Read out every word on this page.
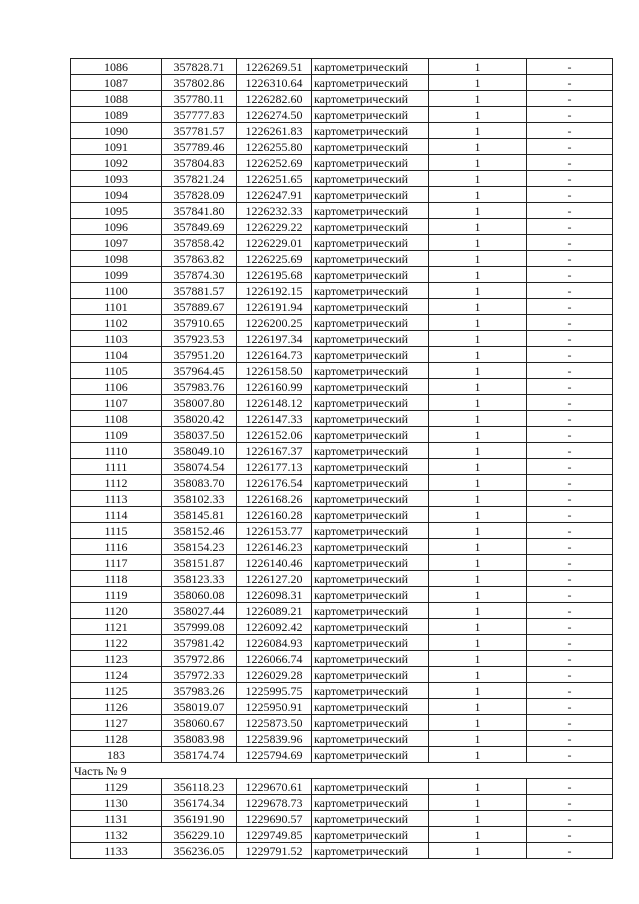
1086	357828.71	1226269.51	картометрический	1	-
1087	357802.86	1226310.64	картометрический	1	-
1088	357780.11	1226282.60	картометрический	1	-
1089	357777.83	1226274.50	картометрический	1	-
1090	357781.57	1226261.83	картометрический	1	-
1091	357789.46	1226255.80	картометрический	1	-
1092	357804.83	1226252.69	картометрический	1	-
1093	357821.24	1226251.65	картометрический	1	-
1094	357828.09	1226247.91	картометрический	1	-
1095	357841.80	1226232.33	картометрический	1	-
1096	357849.69	1226229.22	картометрический	1	-
1097	357858.42	1226229.01	картометрический	1	-
1098	357863.82	1226225.69	картометрический	1	-
1099	357874.30	1226195.68	картометрический	1	-
1100	357881.57	1226192.15	картометрический	1	-
1101	357889.67	1226191.94	картометрический	1	-
1102	357910.65	1226200.25	картометрический	1	-
1103	357923.53	1226197.34	картометрический	1	-
1104	357951.20	1226164.73	картометрический	1	-
1105	357964.45	1226158.50	картометрический	1	-
1106	357983.76	1226160.99	картометрический	1	-
1107	358007.80	1226148.12	картометрический	1	-
1108	358020.42	1226147.33	картометрический	1	-
1109	358037.50	1226152.06	картометрический	1	-
1110	358049.10	1226167.37	картометрический	1	-
1111	358074.54	1226177.13	картометрический	1	-
1112	358083.70	1226176.54	картометрический	1	-
1113	358102.33	1226168.26	картометрический	1	-
1114	358145.81	1226160.28	картометрический	1	-
1115	358152.46	1226153.77	картометрический	1	-
1116	358154.23	1226146.23	картометрический	1	-
1117	358151.87	1226140.46	картометрический	1	-
1118	358123.33	1226127.20	картометрический	1	-
1119	358060.08	1226098.31	картометрический	1	-
1120	358027.44	1226089.21	картометрический	1	-
1121	357999.08	1226092.42	картометрический	1	-
1122	357981.42	1226084.93	картометрический	1	-
1123	357972.86	1226066.74	картометрический	1	-
1124	357972.33	1226029.28	картометрический	1	-
1125	357983.26	1225995.75	картометрический	1	-
1126	358019.07	1225950.91	картометрический	1	-
1127	358060.67	1225873.50	картометрический	1	-
1128	358083.98	1225839.96	картометрический	1	-
183	358174.74	1225794.69	картометрический	1	-
Часть № 9					
1129	356118.23	1229670.61	картометрический	1	-
1130	356174.34	1229678.73	картометрический	1	-
1131	356191.90	1229690.57	картометрический	1	-
1132	356229.10	1229749.85	картометрический	1	-
1133	356236.05	1229791.52	картометрический	1	-
